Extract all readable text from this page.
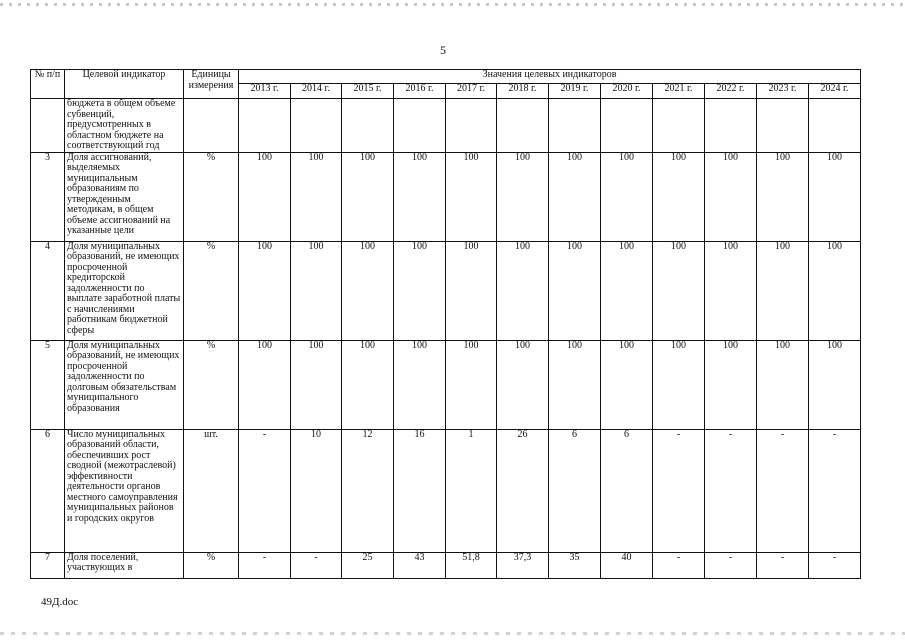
5
№ п/п	Целевой индикатор	Единицы измерения	Значения целевых индикаторов											
			2013 г.	2014 г.	2015 г.	2016 г.	2017 г.	2018 г.	2019 г.	2020 г.	2021 г.	2022 г.	2023 г.	2024 г.
	бюджета в общем объеме субвенций, предусмотренных в областном бюджете на соответствующий год													
3	Доля ассигнований, выделяемых муниципальным образованиям по утвержденным методикам, в общем объеме ассигнований на указанные цели	%	100	100	100	100	100	100	100	100	100	100	100	100
4	Доля муниципальных образований, не имеющих просроченной кредиторской задолженности по выплате заработной платы с начислениями работникам бюджетной сферы	%	100	100	100	100	100	100	100	100	100	100	100	100
5	Доля муниципальных образований, не имеющих просроченной задолженности по долговым обязательствам муниципального образования	%	100	100	100	100	100	100	100	100	100	100	100	100
6	Число муниципальных образований области, обеспечивших рост сводной (межотраслевой) эффективности деятельности органов местного самоуправления муниципальных районов и городских округов	шт.	-	10	12	16	1	26	6	6	-	-	-	-
7	Доля поселений, участвующих в	%	-	-	25	43	51,8	37,3	35	40	-	-	-	-
49Д.doc
